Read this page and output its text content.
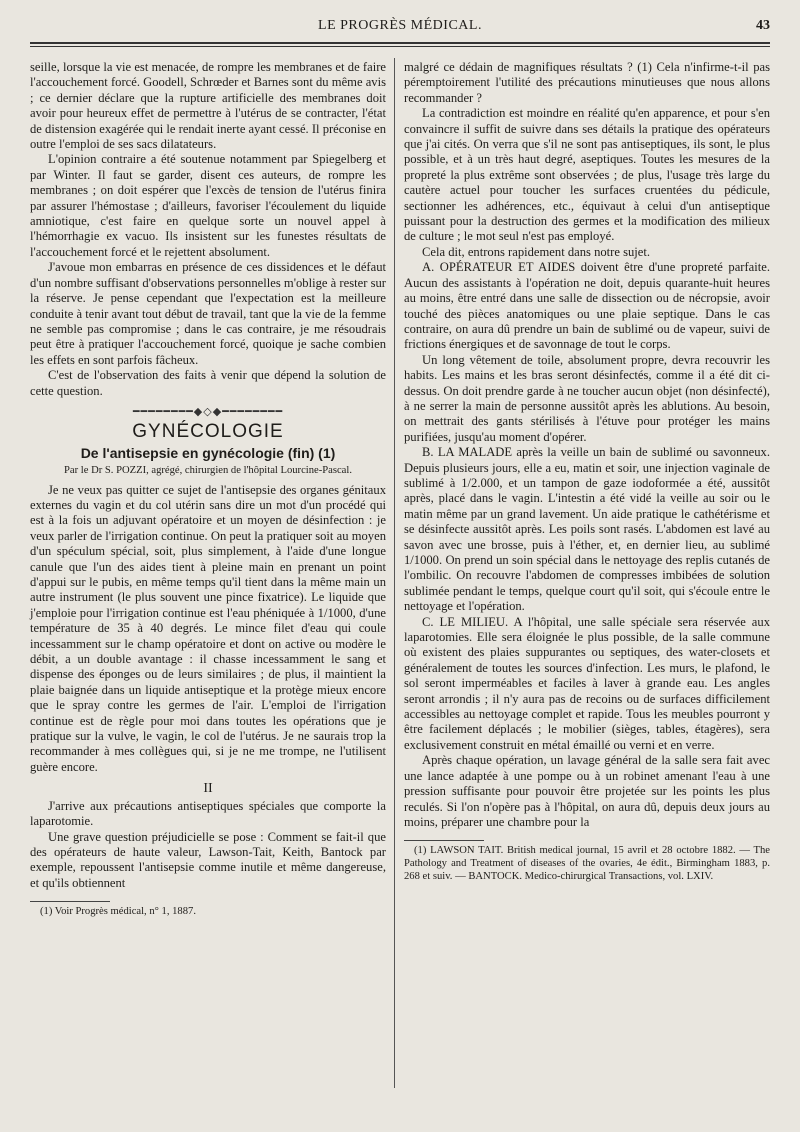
LE PROGRÈS MÉDICAL.	43

seille, lorsque la vie est menacée, de rompre les membranes et de faire l'accouchement forcé. Goodell, Schrœder et Barnes sont du même avis ; ce dernier déclare que la rupture artificielle des membranes doit avoir pour heureux effet de permettre à l'utérus de se contracter, l'état de distension exagérée qui le rendait inerte ayant cessé. Il préconise en outre l'emploi de ses sacs dilatateurs.

L'opinion contraire a été soutenue notamment par Spiegelberg et par Winter. Il faut se garder, disent ces auteurs, de rompre les membranes ; on doit espérer que l'excès de tension de l'utérus finira par assurer l'hémostase ; d'ailleurs, favoriser l'écoulement du liquide amniotique, c'est faire en quelque sorte un nouvel appel à l'hémorrhagie ex vacuo. Ils insistent sur les funestes résultats de l'accouchement forcé et le rejettent absolument.

J'avoue mon embarras en présence de ces dissidences et le défaut d'un nombre suffisant d'observations personnelles m'oblige à rester sur la réserve. Je pense cependant que l'expectation est la meilleure conduite à tenir avant tout début de travail, tant que la vie de la femme ne semble pas compromise ; dans le cas contraire, je me résoudrais peut être à pratiquer l'accouchement forcé, quoique je sache combien les effets en sont parfois fâcheux.

C'est de l'observation des faits à venir que dépend la solution de cette question.

━━━━━━━━◆◇◆━━━━━━━━
GYNÉCOLOGIE
De l'antisepsie en gynécologie (fin) (1)
Par le Dr S. POZZI, agrégé, chirurgien de l'hôpital Lourcine-Pascal.

Je ne veux pas quitter ce sujet de l'antisepsie des organes génitaux externes du vagin et du col utérin sans dire un mot d'un procédé qui est à la fois un adjuvant opératoire et un moyen de désinfection : je veux parler de l'irrigation continue. On peut la pratiquer soit au moyen d'un spéculum spécial, soit, plus simplement, à l'aide d'une longue canule que l'un des aides tient à pleine main en prenant un point d'appui sur le pubis, en même temps qu'il tient dans la même main un autre instrument (le plus souvent une pince fixatrice). Le liquide que j'emploie pour l'irrigation continue est l'eau phéniquée à 1/1000, d'une température de 35 à 40 degrés. Le mince filet d'eau qui coule incessamment sur le champ opératoire et dont on active ou modère le débit, a un double avantage : il chasse incessamment le sang et dispense des éponges ou de leurs similaires ; de plus, il maintient la plaie baignée dans un liquide antiseptique et la protège mieux encore que le spray contre les germes de l'air. L'emploi de l'irrigation continue est de règle pour moi dans toutes les opérations que je pratique sur la vulve, le vagin, le col de l'utérus. Je ne saurais trop la recommander à mes collègues qui, si je ne me trompe, ne l'utilisent guère encore.

II

J'arrive aux précautions antiseptiques spéciales que comporte la laparotomie.

Une grave question préjudicielle se pose : Comment se fait-il que des opérateurs de haute valeur, Lawson-Tait, Keith, Bantock par exemple, repoussent l'antisepsie comme inutile et même dangereuse, et qu'ils obtiennent

(1) Voir Progrès médical, n° 1, 1887.

malgré ce dédain de magnifiques résultats ? (1) Cela n'infirme-t-il pas péremptoirement l'utilité des précautions minutieuses que nous allons recommander ?

La contradiction est moindre en réalité qu'en apparence, et pour s'en convaincre il suffit de suivre dans ses détails la pratique des opérateurs que j'ai cités. On verra que s'il ne sont pas antiseptiques, ils sont, le plus possible, et à un très haut degré, aseptiques. Toutes les mesures de la propreté la plus extrême sont observées ; de plus, l'usage très large du cautère actuel pour toucher les surfaces cruentées du pédicule, sectionner les adhérences, etc., équivaut à celui d'un antiseptique puissant pour la destruction des germes et la modification des milieux de culture ; le mot seul n'est pas employé.

Cela dit, entrons rapidement dans notre sujet.

A. OPÉRATEUR ET AIDES doivent être d'une propreté parfaite. Aucun des assistants à l'opération ne doit, depuis quarante-huit heures au moins, être entré dans une salle de dissection ou de nécropsie, avoir touché des pièces anatomiques ou une plaie septique. Dans le cas contraire, on aura dû prendre un bain de sublimé ou de vapeur, suivi de frictions énergiques et de savonnage de tout le corps.

Un long vêtement de toile, absolument propre, devra recouvrir les habits. Les mains et les bras seront désinfectés, comme il a été dit ci-dessus. On doit prendre garde à ne toucher aucun objet (non désinfecté), à ne serrer la main de personne aussitôt après les ablutions. Au besoin, on mettrait des gants stérilisés à l'étuve pour protéger les mains purifiées, jusqu'au moment d'opérer.

B. LA MALADE après la veille un bain de sublimé ou savonneux. Depuis plusieurs jours, elle a eu, matin et soir, une injection vaginale de sublimé à 1/2.000, et un tampon de gaze iodoformée a été, aussitôt après, placé dans le vagin. L'intestin a été vidé la veille au soir ou le matin même par un grand lavement. Un aide pratique le cathétérisme et se désinfecte aussitôt après. Les poils sont rasés. L'abdomen est lavé au savon avec une brosse, puis à l'éther, et, en dernier lieu, au sublimé 1/1000. On prend un soin spécial dans le nettoyage des replis cutanés de l'ombilic. On recouvre l'abdomen de compresses imbibées de solution sublimée pendant le temps, quelque court qu'il soit, qui s'écoule entre le nettoyage et l'opération.

C. LE MILIEU. A l'hôpital, une salle spéciale sera réservée aux laparotomies. Elle sera éloignée le plus possible, de la salle commune où existent des plaies suppurantes ou septiques, des water-closets et généralement de toutes les sources d'infection. Les murs, le plafond, le sol seront imperméables et faciles à laver à grande eau. Les angles seront arrondis ; il n'y aura pas de recoins ou de surfaces difficilement accessibles au nettoyage complet et rapide. Tous les meubles pourront y être facilement déplacés ; le mobilier (sièges, tables, étagères), sera exclusivement construit en métal émaillé ou verni et en verre.

Après chaque opération, un lavage général de la salle sera fait avec une lance adaptée à une pompe ou à un robinet amenant l'eau à une pression suffisante pour pouvoir être projetée sur les points les plus reculés. Si l'on n'opère pas à l'hôpital, on aura dû, depuis deux jours au moins, préparer une chambre pour la

(1) LAWSON TAIT. British medical journal, 15 avril et 28 octobre 1882. — The Pathology and Treatment of diseases of the ovaries, 4e édit., Birmingham 1883, p. 268 et suiv. — BANTOCK. Medico-chirurgical Transactions, vol. LXIV.
